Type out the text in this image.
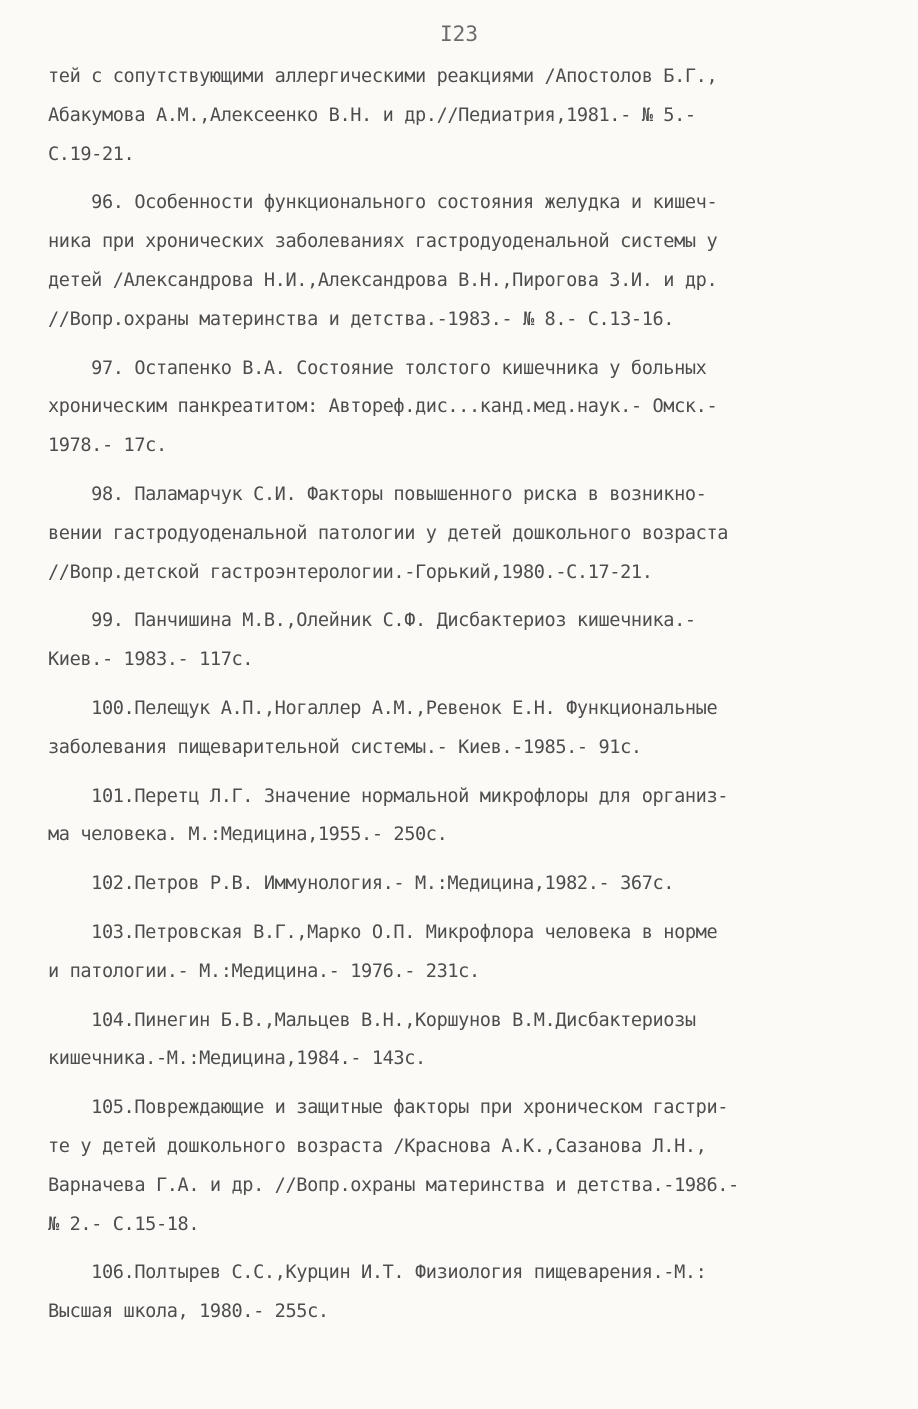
I23
тей с сопутствующими аллергическими реакциями /Апостолов Б.Г.,
Абакумова А.М.,Алексеенко В.Н. и др.//Педиатрия,1981.- № 5.-
С.19-21.
96. Особенности функционального состояния желудка и кишеч-
ника при хронических заболеваниях гастродуоденальной системы у
детей /Александрова Н.И.,Александрова В.Н.,Пирогова З.И. и др.
//Вопр.охраны материнства и детства.-1983.- № 8.- С.13-16.
97. Остапенко В.А. Состояние толстого кишечника у больных
хроническим панкреатитом: Автореф.дис...канд.мед.наук.- Омск.-
1978.- 17с.
98. Паламарчук С.И. Факторы повышенного риска в возникно-
вении гастродуоденальной патологии у детей дошкольного возраста
//Вопр.детской гастроэнтерологии.-Горький,1980.-С.17-21.
99. Панчишина М.В.,Олейник С.Ф. Дисбактериоз кишечника.-
Киев.- 1983.- 117с.
100.Пелещук А.П.,Ногаллер А.М.,Ревенок Е.Н. Функциональные
заболевания пищеварительной системы.- Киев.-1985.- 91с.
101.Перетц Л.Г. Значение нормальной микрофлоры для организ-
ма человека. М.:Медицина,1955.- 250с.
102.Петров Р.В. Иммунология.- М.:Медицина,1982.- 367с.
103.Петровская В.Г.,Марко О.П. Микрофлора человека в норме
и патологии.- М.:Медицина.- 1976.- 231с.
104.Пинегин Б.В.,Мальцев В.Н.,Коршунов В.М.Дисбактериозы
кишечника.-М.:Медицина,1984.- 143с.
105.Повреждающие и защитные факторы при хроническом гастри-
те у детей дошкольного возраста /Краснова А.К.,Сазанова Л.Н.,
Варначева Г.А. и др. //Вопр.охраны материнства и детства.-1986.-
№ 2.- С.15-18.
106.Полтырев С.С.,Курцин И.Т. Физиология пищеварения.-М.:
Высшая школа, 1980.- 255с.
